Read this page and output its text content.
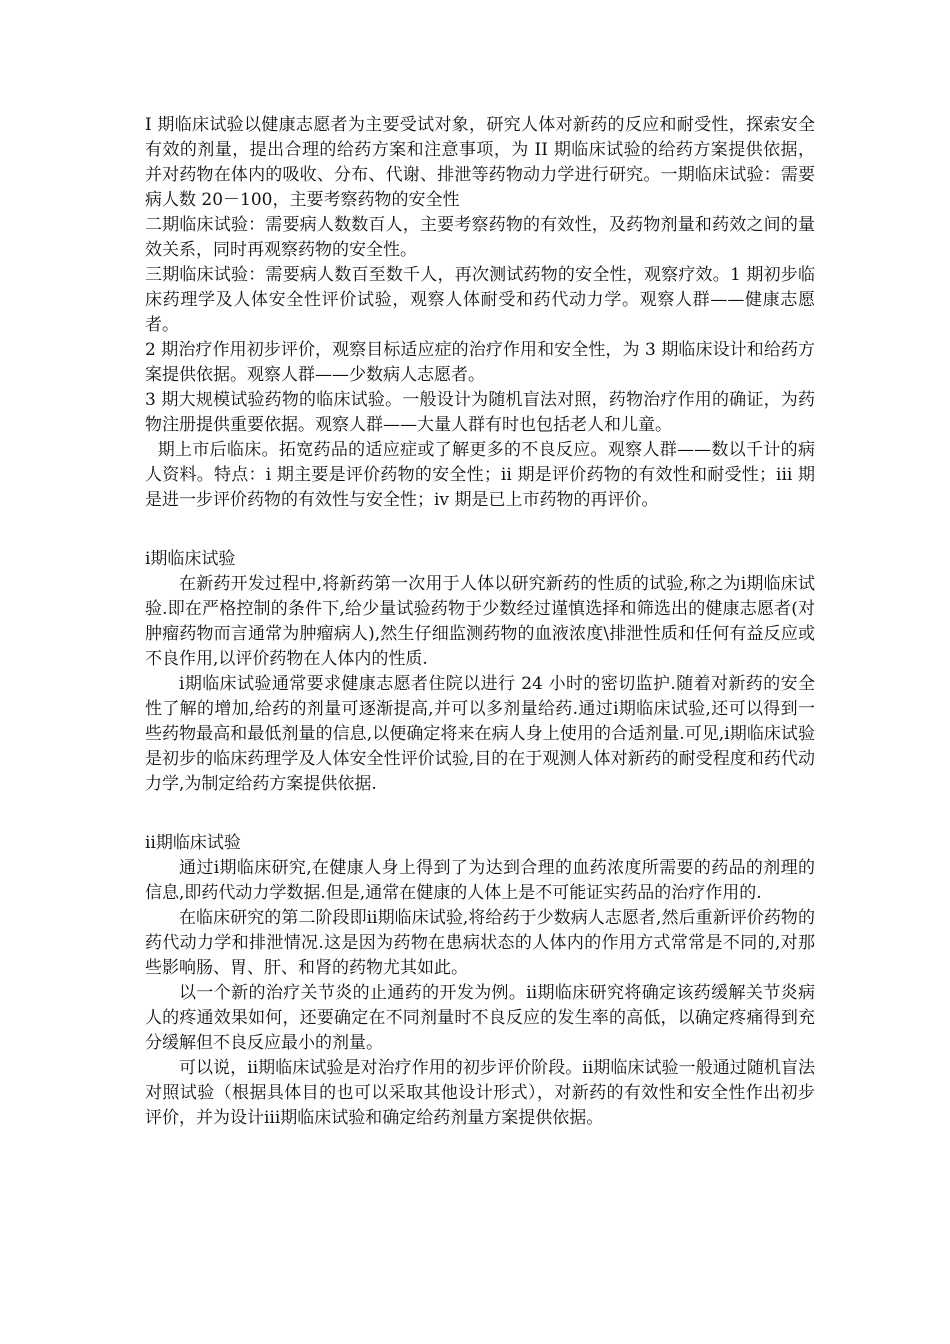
I 期临床试验以健康志愿者为主要受试对象，研究人体对新药的反应和耐受性，探索安全有效的剂量，提出合理的给药方案和注意事项，为 II 期临床试验的给药方案提供依据，并对药物在体内的吸收、分布、代谢、排泄等药物动力学进行研究。一期临床试验：需要病人数 20－100，主要考察药物的安全性

二期临床试验：需要病人数数百人，主要考察药物的有效性，及药物剂量和药效之间的量效关系，同时再观察药物的安全性。

三期临床试验：需要病人数百至数千人，再次测试药物的安全性，观察疗效。1 期初步临床药理学及人体安全性评价试验，观察人体耐受和药代动力学。观察人群——健康志愿者。

2 期治疗作用初步评价，观察目标适应症的治疗作用和安全性，为 3 期临床设计和给药方案提供依据。观察人群——少数病人志愿者。

3 期大规模试验药物的临床试验。一般设计为随机盲法对照，药物治疗作用的确证，为药物注册提供重要依据。观察人群——大量人群有时也包括老人和儿童。

期上市后临床。拓宽药品的适应症或了解更多的不良反应。观察人群——数以千计的病人资料。特点：i 期主要是评价药物的安全性；ii 期是评价药物的有效性和耐受性；iii 期是进一步评价药物的有效性与安全性；iv 期是已上市药物的再评价。

ⅰ期临床试验

在新药开发过程中,将新药第一次用于人体以研究新药的性质的试验,称之为ⅰ期临床试验.即在严格控制的条件下,给少量试验药物于少数经过谨慎选择和筛选出的健康志愿者(对肿瘤药物而言通常为肿瘤病人),然生仔细监测药物的血液浓度\排泄性质和任何有益反应或不良作用,以评价药物在人体内的性质.

ⅰ期临床试验通常要求健康志愿者住院以进行 24 小时的密切监护.随着对新药的安全性了解的增加,给药的剂量可逐渐提高,并可以多剂量给药.通过ⅰ期临床试验,还可以得到一些药物最高和最低剂量的信息,以便确定将来在病人身上使用的合适剂量.可见,ⅰ期临床试验是初步的临床药理学及人体安全性评价试验,目的在于观测人体对新药的耐受程度和药代动力学,为制定给药方案提供依据.

ⅱ期临床试验

通过ⅰ期临床研究,在健康人身上得到了为达到合理的血药浓度所需要的药品的剂理的信息,即药代动力学数据.但是,通常在健康的人体上是不可能证实药品的治疗作用的.

在临床研究的第二阶段即ⅱ期临床试验,将给药于少数病人志愿者,然后重新评价药物的药代动力学和排泄情况.这是因为药物在患病状态的人体内的作用方式常常是不同的,对那些影响肠、胃、肝、和肾的药物尤其如此。

以一个新的治疗关节炎的止通药的开发为例。ⅱ期临床研究将确定该药缓解关节炎病人的疼通效果如何，还要确定在不同剂量时不良反应的发生率的高低，以确定疼痛得到充分缓解但不良反应最小的剂量。

可以说，ⅱ期临床试验是对治疗作用的初步评价阶段。ⅱ期临床试验一般通过随机盲法对照试验（根据具体目的也可以采取其他设计形式），对新药的有效性和安全性作出初步评价，并为设计ⅲ期临床试验和确定给药剂量方案提供依据。
